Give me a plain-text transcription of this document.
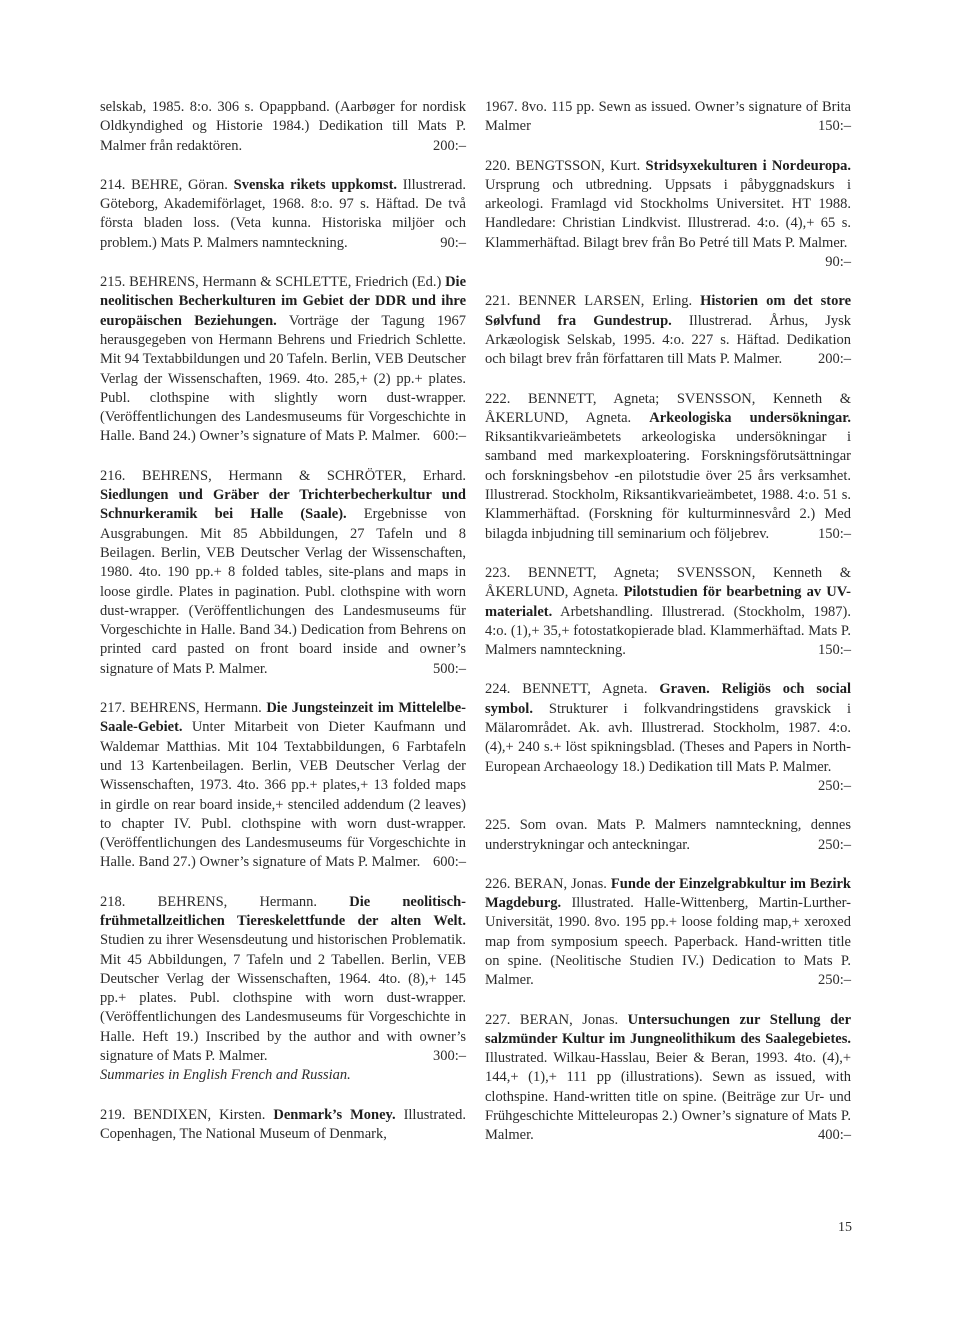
selskab, 1985. 8:o. 306 s. Opappband. (Aarbøger for nordisk Oldkyndighed og Historie 1984.) Dedikation till Mats P. Malmer från redaktören.	200:–
214. BEHRE, Göran. Svenska rikets uppkomst. Illustrerad. Göteborg, Akademiförlaget, 1968. 8:o. 97 s. Häftad. De två första bladen loss. (Veta kunna. Historiska miljöer och problem.) Mats P. Malmers namnteckning.	90:–
215. BEHRENS, Hermann & SCHLETTE, Friedrich (Ed.) Die neolitischen Becherkulturen im Gebiet der DDR und ihre europäischen Beziehungen. Vorträge der Tagung 1967 herausgegeben von Hermann Behrens und Friedrich Schlette. Mit 94 Textabbildungen und 20 Tafeln. Berlin, VEB Deutscher Verlag der Wissenschaften, 1969. 4to. 285,+ (2) pp.+ plates. Publ. clothspine with slightly worn dust-wrapper. (Veröffentlichungen des Landesmuseums für Vorgeschichte in Halle. Band 24.) Owner’s signature of Mats P. Malmer. 600:–
216. BEHRENS, Hermann & SCHRÖTER, Erhard. Siedlungen und Gräber der Trichterbecherkultur und Schnurkeramik bei Halle (Saale). Ergebnisse von Ausgrabungen. Mit 85 Abbildungen, 27 Tafeln und 8 Beilagen. Berlin, VEB Deutscher Verlag der Wissenschaften, 1980. 4to. 190 pp.+ 8 folded tables, site-plans and maps in loose girdle. Plates in pagination. Publ. clothspine with worn dust-wrapper. (Veröffentlichungen des Landesmuseums für Vorgeschichte in Halle. Band 34.) Dedication from Behrens on printed card pasted on front board inside and owner’s signature of Mats P. Malmer.	500:–
217. BEHRENS, Hermann. Die Jungsteinzeit im Mittelelbe-Saale-Gebiet. Unter Mitarbeit von Dieter Kaufmann und Waldemar Matthias. Mit 104 Textabbildungen, 6 Farbtafeln und 13 Kartenbeilagen. Berlin, VEB Deutscher Verlag der Wissenschaften, 1973. 4to. 366 pp.+ plates,+ 13 folded maps in girdle on rear board inside,+ stenciled addendum (2 leaves) to chapter IV. Publ. clothspine with worn dust-wrapper. (Veröffentlichungen des Landesmuseums für Vorgeschichte in Halle. Band 27.) Owner’s signature of Mats P. Malmer. 600:–
218. BEHRENS, Hermann. Die neolitisch-frühmetallzeitlichen Tiereskelettfunde der alten Welt. Studien zu ihrer Wesensdeutung und historischen Problematik. Mit 45 Abbildungen, 7 Tafeln und 2 Tabellen. Berlin, VEB Deutscher Verlag der Wissenschaften, 1964. 4to. (8),+ 145 pp.+ plates. Publ. clothspine with worn dust-wrapper. (Veröffentlichungen des Landesmuseums für Vorgeschichte in Halle. Heft 19.) Inscribed by the author and with owner’s signature of Mats P. Malmer.	300:–
Summaries in English French and Russian.
219. BENDIXEN, Kirsten. Denmark’s Money. Illustrated. Copenhagen, The National Museum of Denmark,
1967. 8vo. 115 pp. Sewn as issued. Owner’s signature of Brita Malmer	150:–
220. BENGTSSON, Kurt. Stridsyxekulturen i Nordeuropa. Ursprung och utbredning. Uppsats i påbyggnadskurs i arkeologi. Framlagd vid Stockholms Universitet. HT 1988. Handledare: Christian Lindkvist. Illustrerad. 4:o. (4),+ 65 s. Klammerhäftad. Bilagt brev från Bo Petré till Mats P. Malmer.
90:–
221. BENNER LARSEN, Erling. Historien om det store Sølvfund fra Gundestrup. Illustrerad. Århus, Jysk Arkæologisk Selskab, 1995. 4:o. 227 s. Häftad. Dedikation och bilagt brev från författaren till Mats P. Malmer. 200:–
222. BENNETT, Agneta; SVENSSON, Kenneth & ÅKERLUND, Agneta. Arkeologiska undersökningar. Riksantikvarieämbetets arkeologiska undersökningar i samband med markexploatering. Forskningsförutsättningar och forskningsbehov -en pilotstudie över 25 års verksamhet. Illustrerad. Stockholm, Riksantikvarieämbetet, 1988. 4:o. 51 s. Klammerhäftad. (Forskning för kulturminnesvård 2.) Med bilagda inbjudning till seminarium och följebrev.	150:–
223. BENNETT, Agneta; SVENSSON, Kenneth & ÅKERLUND, Agneta. Pilotstudien för bearbetning av UV-materialet. Arbetshandling. Illustrerad. (Stockholm, 1987). 4:o. (1),+ 35,+ fotostatkopierade blad. Klammerhäftad. Mats P. Malmers namnteckning.	150:–
224. BENNETT, Agneta. Graven. Religiös och social symbol. Strukturer i folkvandringstidens gravskick i Mälarområdet. Ak. avh. Illustrerad. Stockholm, 1987. 4:o. (4),+ 240 s.+ löst spikningsblad. (Theses and Papers in North-European Archaeology 18.) Dedikation till Mats P. Malmer.
250:–
225. Som ovan. Mats P. Malmers namnteckning, dennes understrykningar och anteckningar.	250:–
226. BERAN, Jonas. Funde der Einzelgrabkultur im Bezirk Magdeburg. Illustrated. Halle-Wittenberg, Martin-Lurther-Universität, 1990. 8vo. 195 pp.+ loose folding map,+ xeroxed map from symposium speech. Paperback. Hand-written title on spine. (Neolitische Studien IV.) Dedication to Mats P. Malmer.	250:–
227. BERAN, Jonas. Untersuchungen zur Stellung der salzmünder Kultur im Jungneolithikum des Saalegebietes. Illustrated. Wilkau-Hasslau, Beier & Beran, 1993. 4to. (4),+ 144,+ (1),+ 111 pp (illustrations). Sewn as issued, with clothspine. Hand-written title on spine. (Beiträge zur Ur- und Frühgeschichte Mitteleuropas 2.) Owner’s signature of Mats P. Malmer.	400:–
15
